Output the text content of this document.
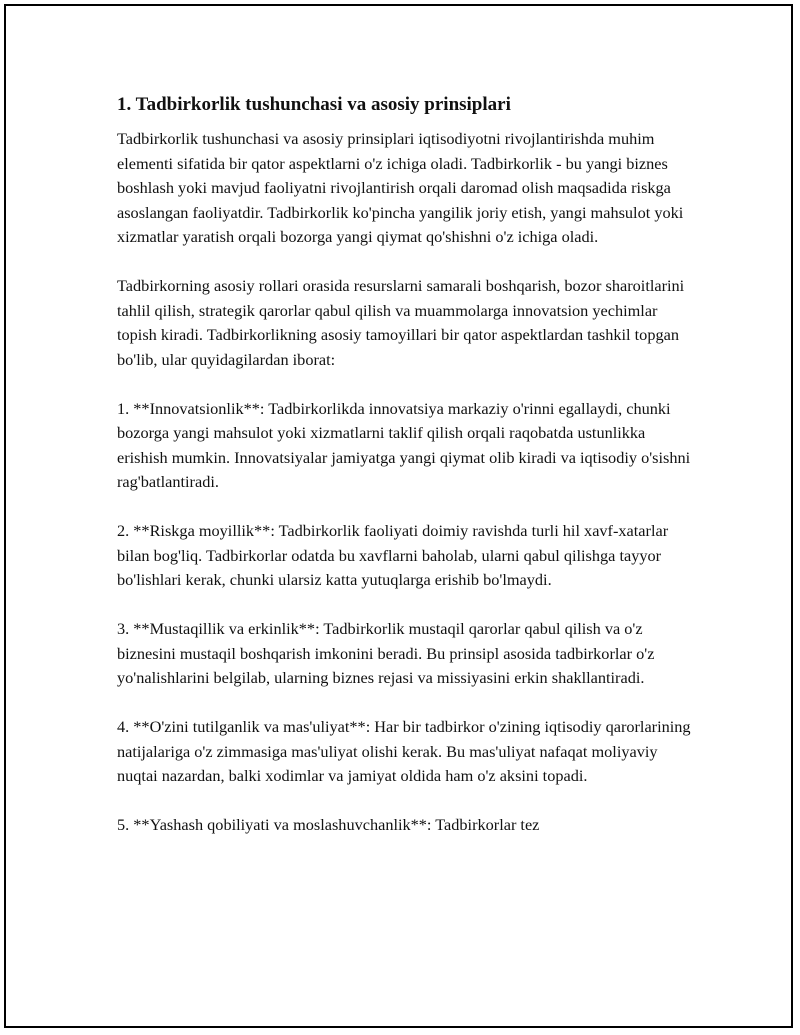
1. Tadbirkorlik tushunchasi va asosiy prinsiplari

Tadbirkorlik tushunchasi va asosiy prinsiplari iqtisodiyotni rivojlantirishda muhim elementi sifatida bir qator aspektlarni o'z ichiga oladi. Tadbirkorlik - bu yangi biznes boshlash yoki mavjud faoliyatni rivojlantirish orqali daromad olish maqsadida riskga asoslangan faoliyatdir. Tadbirkorlik ko'pincha yangilik joriy etish, yangi mahsulot yoki xizmatlar yaratish orqali bozorga yangi qiymat qo'shishni o'z ichiga oladi.

Tadbirkorning asosiy rollari orasida resurslarni samarali boshqarish, bozor sharoitlarini tahlil qilish, strategik qarorlar qabul qilish va muammolarga innovatsion yechimlar topish kiradi. Tadbirkorlikning asosiy tamoyillari bir qator aspektlardan tashkil topgan bo'lib, ular quyidagilardan iborat:

1. **Innovatsionlik**: Tadbirkorlikda innovatsiya markaziy o'rinni egallaydi, chunki bozorga yangi mahsulot yoki xizmatlarni taklif qilish orqali raqobatda ustunlikka erishish mumkin. Innovatsiyalar jamiyatga yangi qiymat olib kiradi va iqtisodiy o'sishni rag'batlantiradi.

2. **Riskga moyillik**: Tadbirkorlik faoliyati doimiy ravishda turli hil xavf-xatarlar bilan bog'liq. Tadbirkorlar odatda bu xavflarni baholab, ularni qabul qilishga tayyor bo'lishlari kerak, chunki ularsiz katta yutuqlarga erishib bo'lmaydi.

3. **Mustaqillik va erkinlik**: Tadbirkorlik mustaqil qarorlar qabul qilish va o'z biznesini mustaqil boshqarish imkonini beradi. Bu prinsipl asosida tadbirkorlar o'z yo'nalishlarini belgilab, ularning biznes rejasi va missiyasini erkin shakllantiradi.

4. **O'zini tutilganlik va mas'uliyat**: Har bir tadbirkor o'zining iqtisodiy qarorlarining natijalariga o'z zimmasiga mas'uliyat olishi kerak. Bu mas'uliyat nafaqat moliyaviy nuqtai nazardan, balki xodimlar va jamiyat oldida ham o'z aksini topadi.

5. **Yashash qobiliyati va moslashuvchanlik**: Tadbirkorlar tez
